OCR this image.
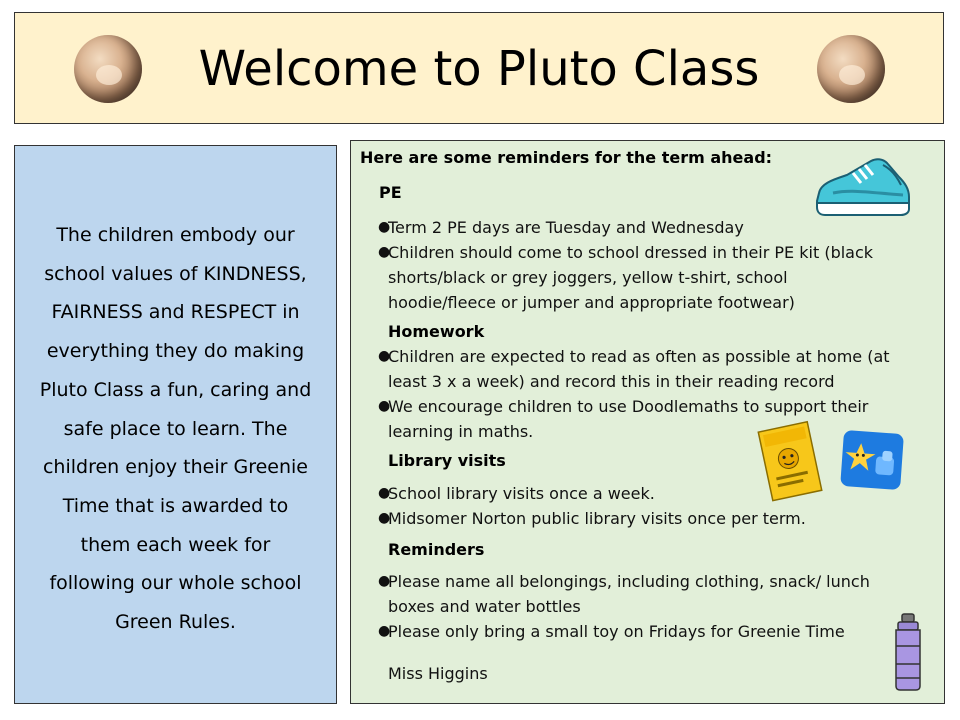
Welcome to Pluto Class
The children embody our
school values of KINDNESS,
FAIRNESS and RESPECT in
everything they do making
Pluto Class a fun, caring and
safe place to learn. The
children enjoy their Greenie
Time that is awarded to
them each week for
following our whole school
Green Rules.
Here are some reminders for the term ahead:
PE
●
Term 2 PE days are Tuesday and Wednesday
●
Children should come to school dressed in their PE kit (black
shorts/black or grey joggers, yellow t-shirt, school
hoodie/fleece or jumper and appropriate footwear)
Homework
●
Children are expected to read as often as possible at home (at
least 3 x a week) and record this in their reading record
●
We encourage children to use Doodlemaths to support their
learning in maths.
Library visits
●
School library visits once a week.
●
Midsomer Norton public library visits once per term.
Reminders
●
Please name all belongings, including clothing, snack/ lunch
boxes and water bottles
●
Please only bring a small toy on Fridays for Greenie Time
Miss Higgins
